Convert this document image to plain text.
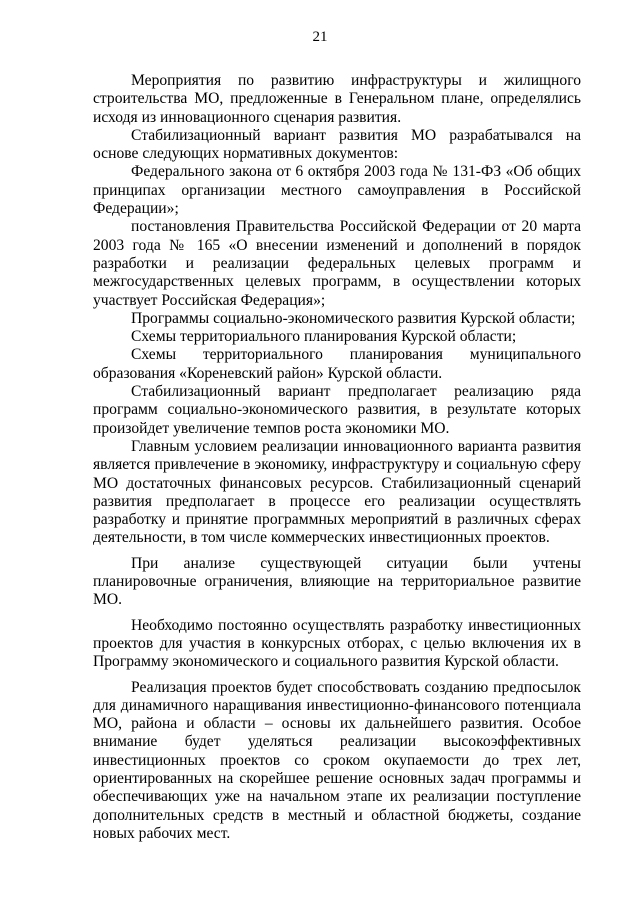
21

Мероприятия по развитию инфраструктуры и жилищного строительства МО, предложенные в Генеральном плане, определялись исходя из инновационного сценария развития.

Стабилизационный вариант развития МО разрабатывался на основе следующих нормативных документов:

Федерального закона от 6 октября 2003 года № 131-ФЗ «Об общих принципах организации местного самоуправления в Российской Федерации»;

постановления Правительства Российской Федерации от 20 марта 2003 года № 165 «О внесении изменений и дополнений в порядок разработки и реализации федеральных целевых программ и межгосударственных целевых программ, в осуществлении которых участвует Российская Федерация»;

Программы социально-экономического развития Курской области;

Схемы территориального планирования Курской области;

Схемы территориального планирования муниципального образования «Кореневский район» Курской области.

Стабилизационный вариант предполагает реализацию ряда программ социально-экономического развития, в результате которых произойдет увеличение темпов роста экономики МО.

Главным условием реализации инновационного варианта развития является привлечение в экономику, инфраструктуру и социальную сферу МО достаточных финансовых ресурсов. Стабилизационный сценарий развития предполагает в процессе его реализации осуществлять разработку и принятие программных мероприятий в различных сферах деятельности, в том числе коммерческих инвестиционных проектов.

При анализе существующей ситуации были учтены планировочные ограничения, влияющие на территориальное развитие МО.

Необходимо постоянно осуществлять разработку инвестиционных проектов для участия в конкурсных отборах, с целью включения их в Программу экономического и социального развития Курской области.

Реализация проектов будет способствовать созданию предпосылок для динамичного наращивания инвестиционно-финансового потенциала МО, района и области – основы их дальнейшего развития. Особое внимание будет уделяться реализации высокоэффективных инвестиционных проектов со сроком окупаемости до трех лет, ориентированных на скорейшее решение основных задач программы и обеспечивающих уже на начальном этапе их реализации поступление дополнительных средств в местный и областной бюджеты, создание новых рабочих мест.
